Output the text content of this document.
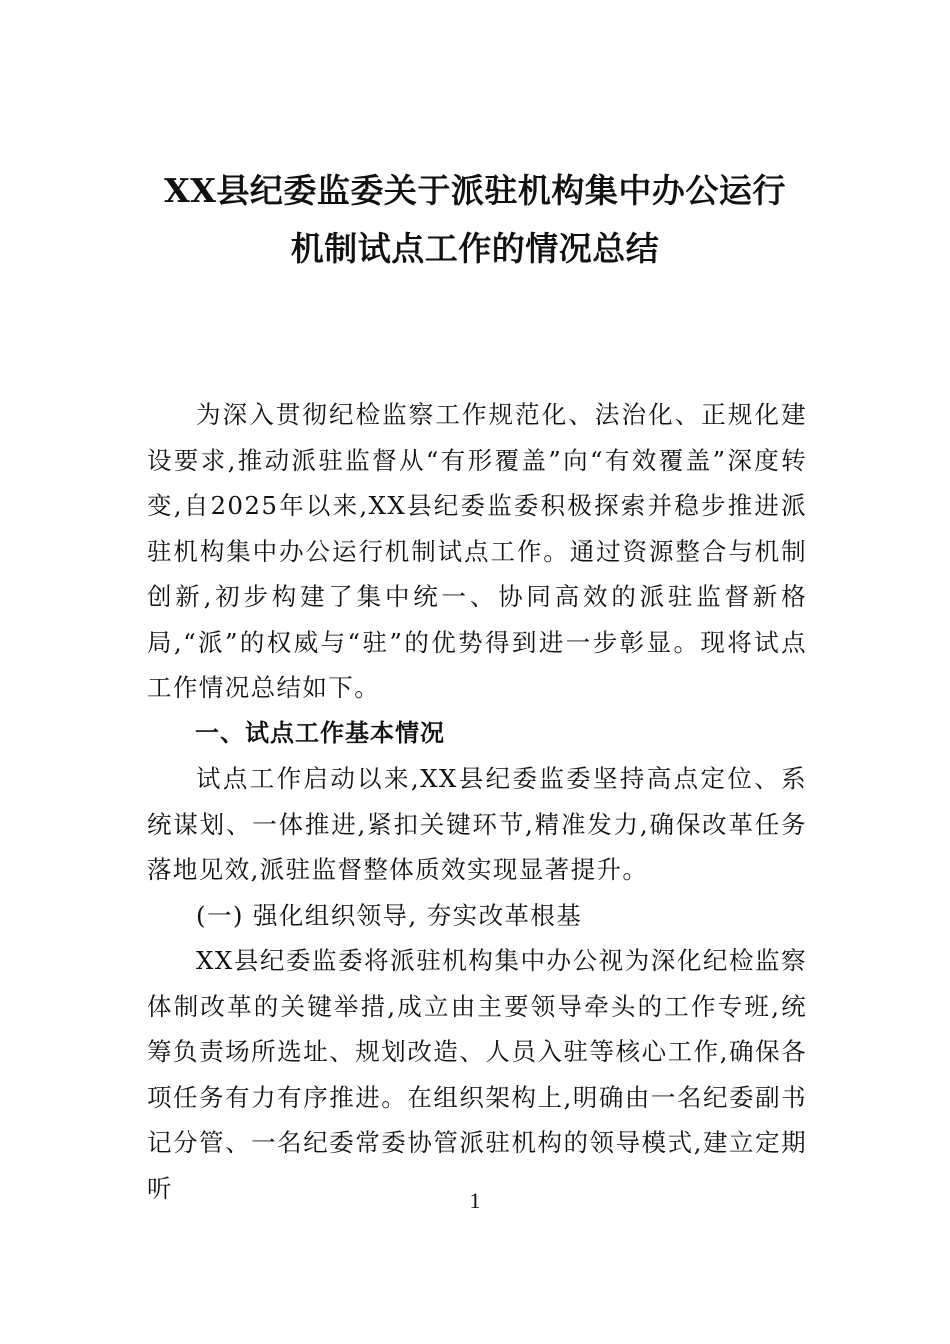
XX县纪委监委关于派驻机构集中办公运行
机制试点工作的情况总结

为深入贯彻纪检监察工作规范化、法治化、正规化建设要求,推动派驻监督从“有形覆盖”向“有效覆盖”深度转变,自2025年以来,XX县纪委监委积极探索并稳步推进派驻机构集中办公运行机制试点工作。通过资源整合与机制创新,初步构建了集中统一、协同高效的派驻监督新格局,“派”的权威与“驻”的优势得到进一步彰显。现将试点工作情况总结如下。

一、试点工作基本情况

试点工作启动以来,XX县纪委监委坚持高点定位、系统谋划、一体推进,紧扣关键环节,精准发力,确保改革任务落地见效,派驻监督整体质效实现显著提升。

(一) 强化组织领导, 夯实改革根基

XX县纪委监委将派驻机构集中办公视为深化纪检监察体制改革的关键举措,成立由主要领导牵头的工作专班,统筹负责场所选址、规划改造、人员入驻等核心工作,确保各项任务有力有序推进。在组织架构上,明确由一名纪委副书记分管、一名纪委常委协管派驻机构的领导模式,建立定期听	1
